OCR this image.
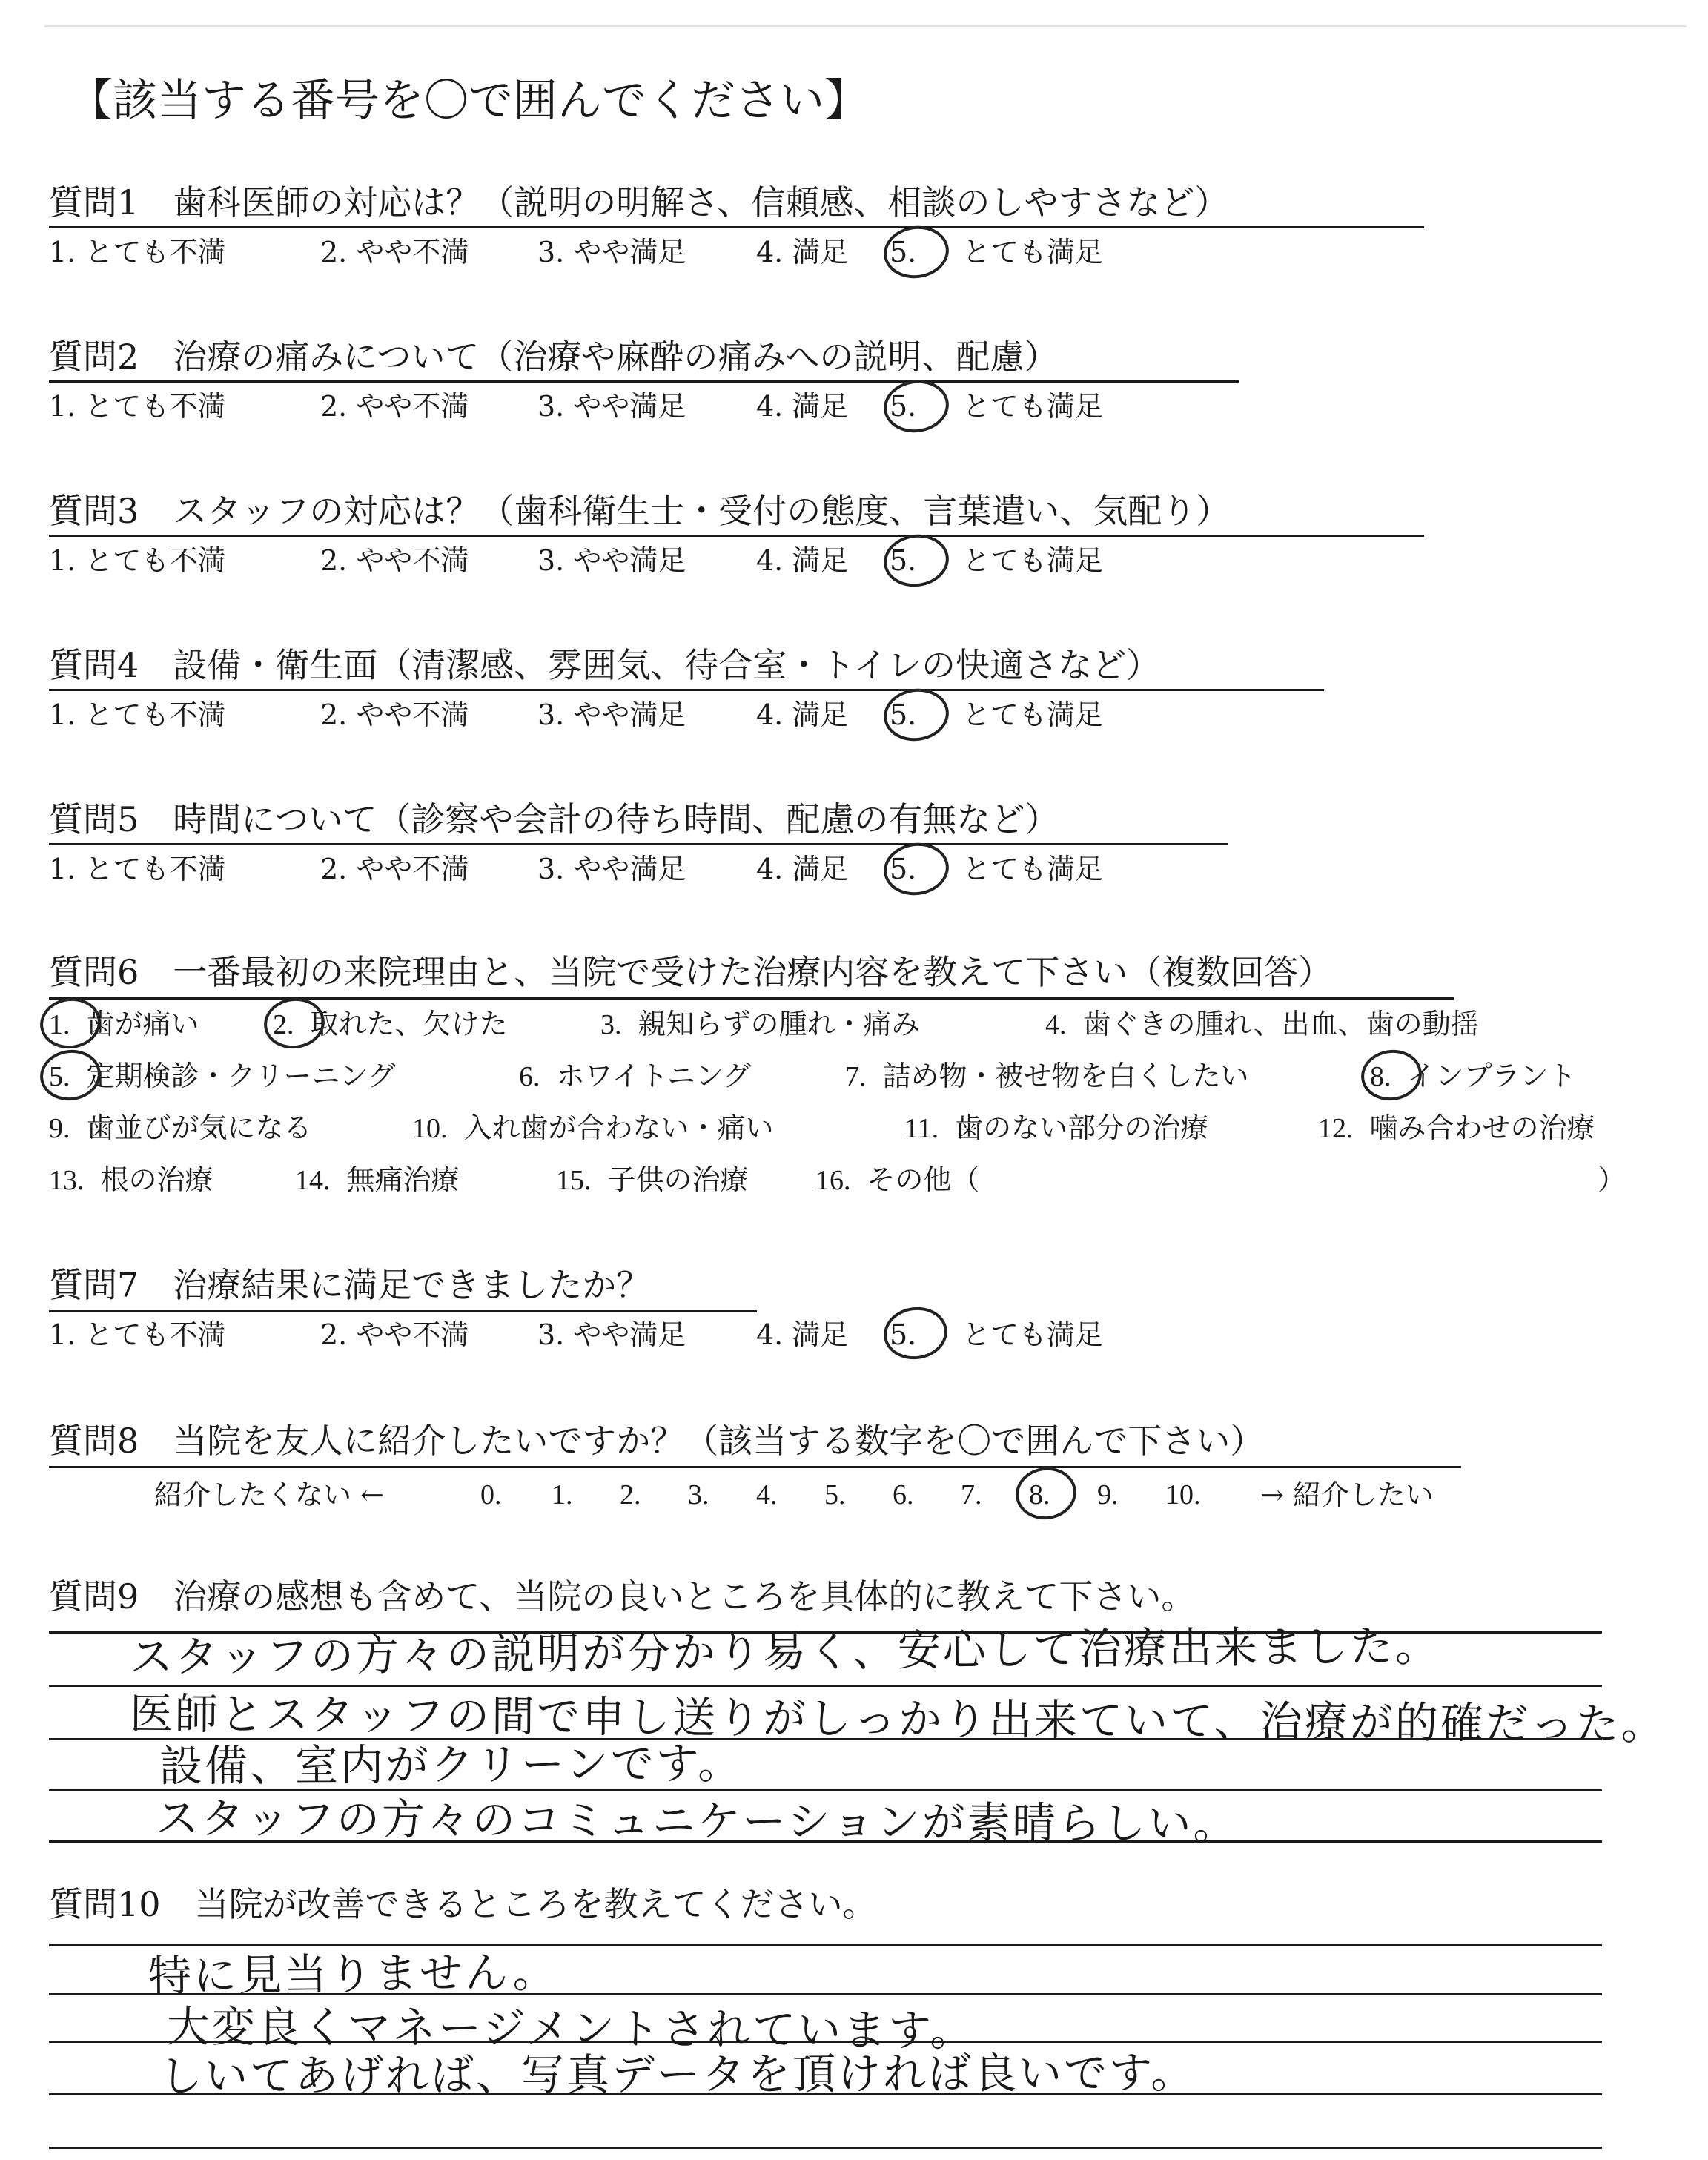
【該当する番号を〇で囲んでください】
質問1　歯科医師の対応は？（説明の明解さ、信頼感、相談のしやすさなど）
1. とても不満	2. やや不満 3. やや満足 4. 満足 5. とても満足
質問2　治療の痛みについて（治療や麻酔の痛みへの説明、配慮）
1. とても不満	2. やや不満 3. やや満足 4. 満足 5. とても満足
質問3　スタッフの対応は？（歯科衛生士・受付の態度、言葉遣い、気配り）
1. とても不満	2. やや不満 3. やや満足 4. 満足 5. とても満足
質問4　設備・衛生面（清潔感、雰囲気、待合室・トイレの快適さなど）
1. とても不満	2. やや不満 3. やや満足 4. 満足 5. とても満足
質問5　時間について（診察や会計の待ち時間、配慮の有無など）
1. とても不満	2. やや不満 3. やや満足 4. 満足 5. とても満足
質問6　一番最初の来院理由と、当院で受けた治療内容を教えて下さい（複数回答）
1. 歯が痛い	2. 取れた、欠けた	3. 親知らずの腫れ・痛み	4. 歯ぐきの腫れ、出血、歯の動揺
5. 定期検診・クリーニング	6. ホワイトニング	7. 詰め物・被せ物を白くしたい	8. インプラント
9. 歯並びが気になる	10. 入れ歯が合わない・痛い	11. 歯のない部分の治療	12. 噛み合わせの治療
13. 根の治療	14. 無痛治療	15. 子供の治療 16. その他（	）
質問7　治療結果に満足できましたか？
1. とても不満	2. やや不満 3. やや満足 4. 満足 5. とても満足
質問8　当院を友人に紹介したいですか？（該当する数字を〇で囲んで下さい）
紹介したくない ←	0. 1. 2. 3. 4. 5. 6. 7. 8. 9. 10. → 紹介したい
質問9　治療の感想も含めて、当院の良いところを具体的に教えて下さい。
スタッフの方々の説明が分かり易く、安心して治療出来ました。
医師とスタッフの間で申し送りがしっかり出来ていて、治療が的確だった。
設備、室内がクリーンです。
スタッフの方々のコミュニケーションが素晴らしい。
質問10　当院が改善できるところを教えてください。
特に見当りません。
大変良くマネージメントされています。
しいてあげれば、写真データを頂ければ良いです。
